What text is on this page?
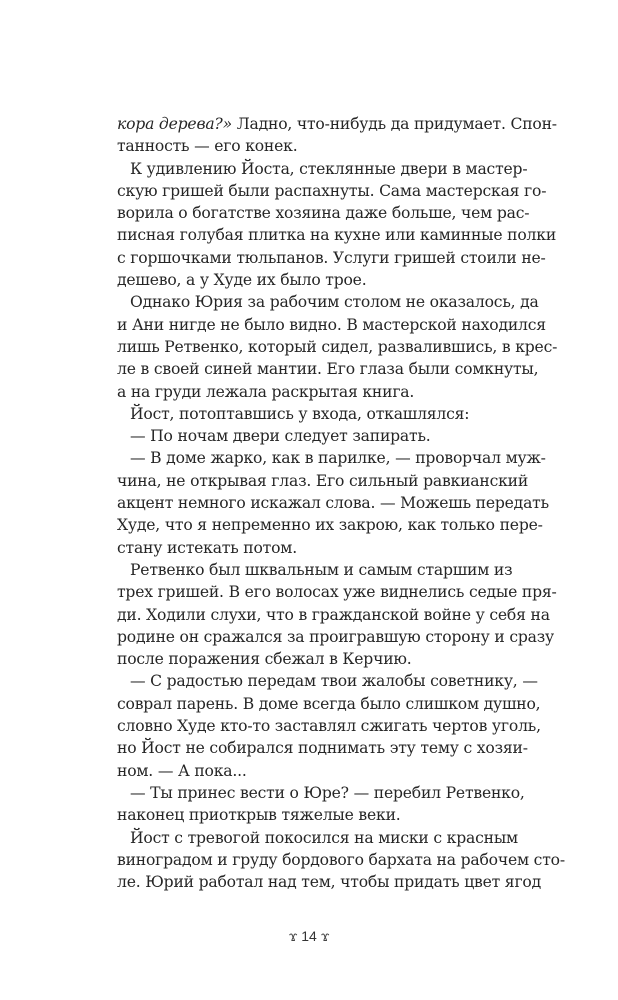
кора дерева?» Ладно, что-нибудь да придумает. Спон-
танность — его конек.
К удивлению Йоста, стеклянные двери в мастер-
скую гришей были распахнуты. Сама мастерская го-
ворила о богатстве хозяина даже больше, чем рас-
писная голубая плитка на кухне или каминные полки
с горшочками тюльпанов. Услуги гришей стоили не-
дешево, а у Худе их было трое.
Однако Юрия за рабочим столом не оказалось, да
и Ани нигде не было видно. В мастерской находился
лишь Ретвенко, который сидел, развалившись, в крес-
ле в своей синей мантии. Его глаза были сомкнуты,
а на груди лежала раскрытая книга.
Йост, потоптавшись у входа, откашлялся:
— По ночам двери следует запирать.
— В доме жарко, как в парилке, — проворчал муж-
чина, не открывая глаз. Его сильный равкианский
акцент немного искажал слова. — Можешь передать
Худе, что я непременно их закрою, как только пере-
стану истекать потом.
Ретвенко был шквальным и самым старшим из
трех гришей. В его волосах уже виднелись седые пря-
ди. Ходили слухи, что в гражданской войне у себя на
родине он сражался за проигравшую сторону и сразу
после поражения сбежал в Керчию.
— С радостью передам твои жалобы советнику, —
соврал парень. В доме всегда было слишком душно,
словно Худе кто-то заставлял сжигать чертов уголь,
но Йост не собирался поднимать эту тему с хозяи-
ном. — А пока...
— Ты принес вести о Юре? — перебил Ретвенко,
наконец приоткрыв тяжелые веки.
Йост с тревогой покосился на миски с красным
виноградом и груду бордового бархата на рабочем сто-
ле. Юрий работал над тем, чтобы придать цвет ягод
ϫ 14 ϫ
